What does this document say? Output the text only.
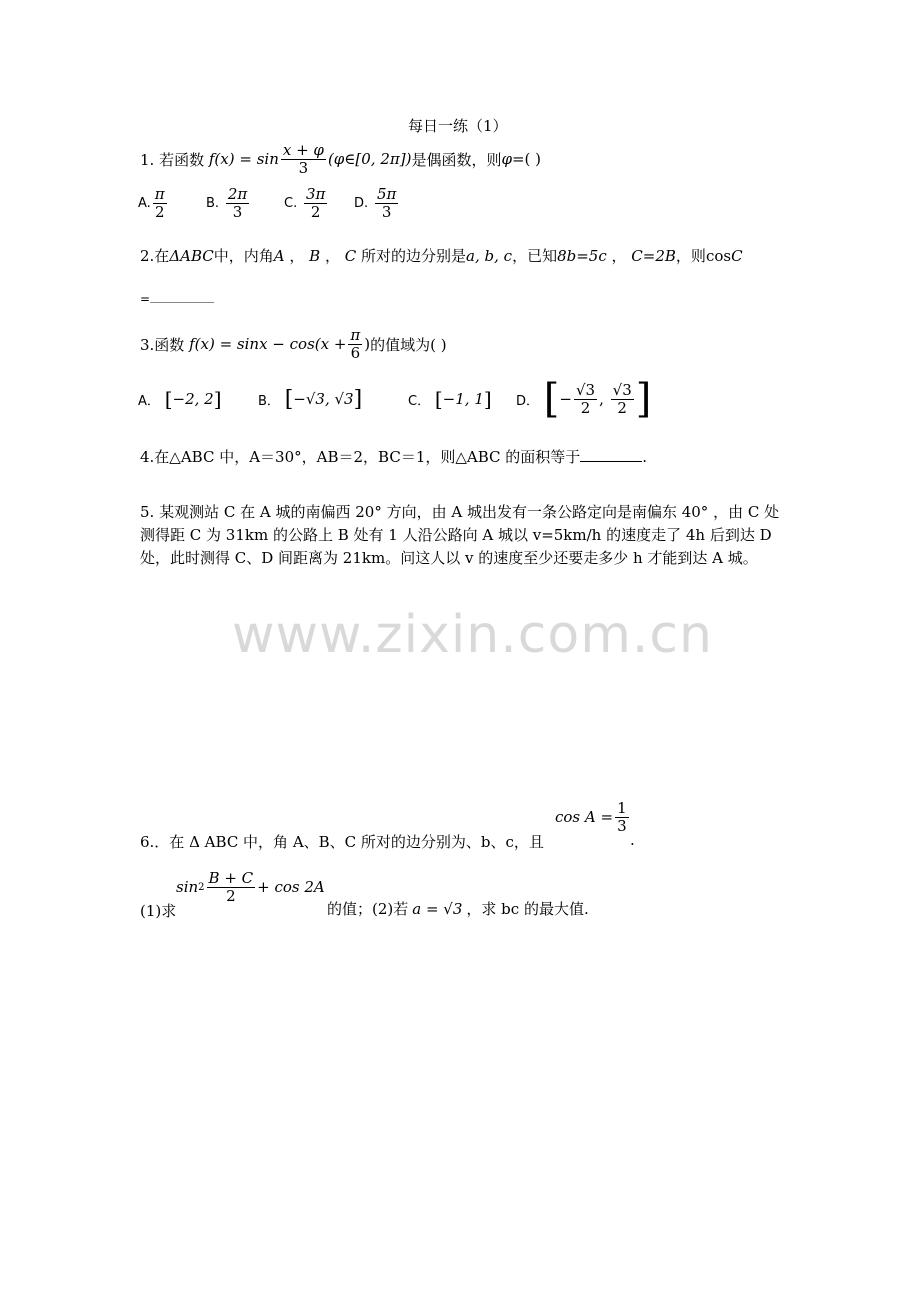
每日一练（1）
1. 若函数
$f(x) = \sin \frac{x + \varphi}{3}$ (φ∈[0, 2π]) 是偶函数，则 φ =( )
A. $\frac{\pi}{2}$	B.
$\frac{2\pi}{3}$	C.
$\frac{3\pi}{2} D$.
$\frac{5\pi}{3}$
2.在ΔABC中，内角A ， B ， C 所对的边分别是a, b, c，已知8b=5c ， C=2B，则cosC
=
3.函数
$f(x) = \sin x - \cos(x + \frac{\pi}{6}$ ) 的值域为( )
A．
[ −2, 2 ]	B．
[ −√3, √3 ]	C．
[ −1, 1 ] D．
[ − $\frac{√3}{2}$ , $\frac{√3}{2}$ ]
4.在△ABC 中，A＝30°，AB＝2，BC＝1，则△ABC 的面积等于	.
5. 某观测站 C 在 A 城的南偏西 20° 方向，由 A 城出发有一条公路定向是南偏东 40° ，由 C 处测得距 C 为 31km 的公路上 B 处有 1 人沿公路向 A 城以 v=5km/h 的速度走了 4h 后到达 D 处，此时测得 C、D 间距离为 21km。问这人以 v 的速度至少还要走多少 h 才能到达 A 城。
www.zixin.com.cn
$\cos A = \frac{1}{3}$
6.．在 Δ ABC 中，角 A、B、C 所对的边分别为、b、c，且	.
$\sin 2 \frac{B + C}{2} + \cos 2A$
(1)求	的值；(2)若 a = √3 ，求 bc 的最大值.
